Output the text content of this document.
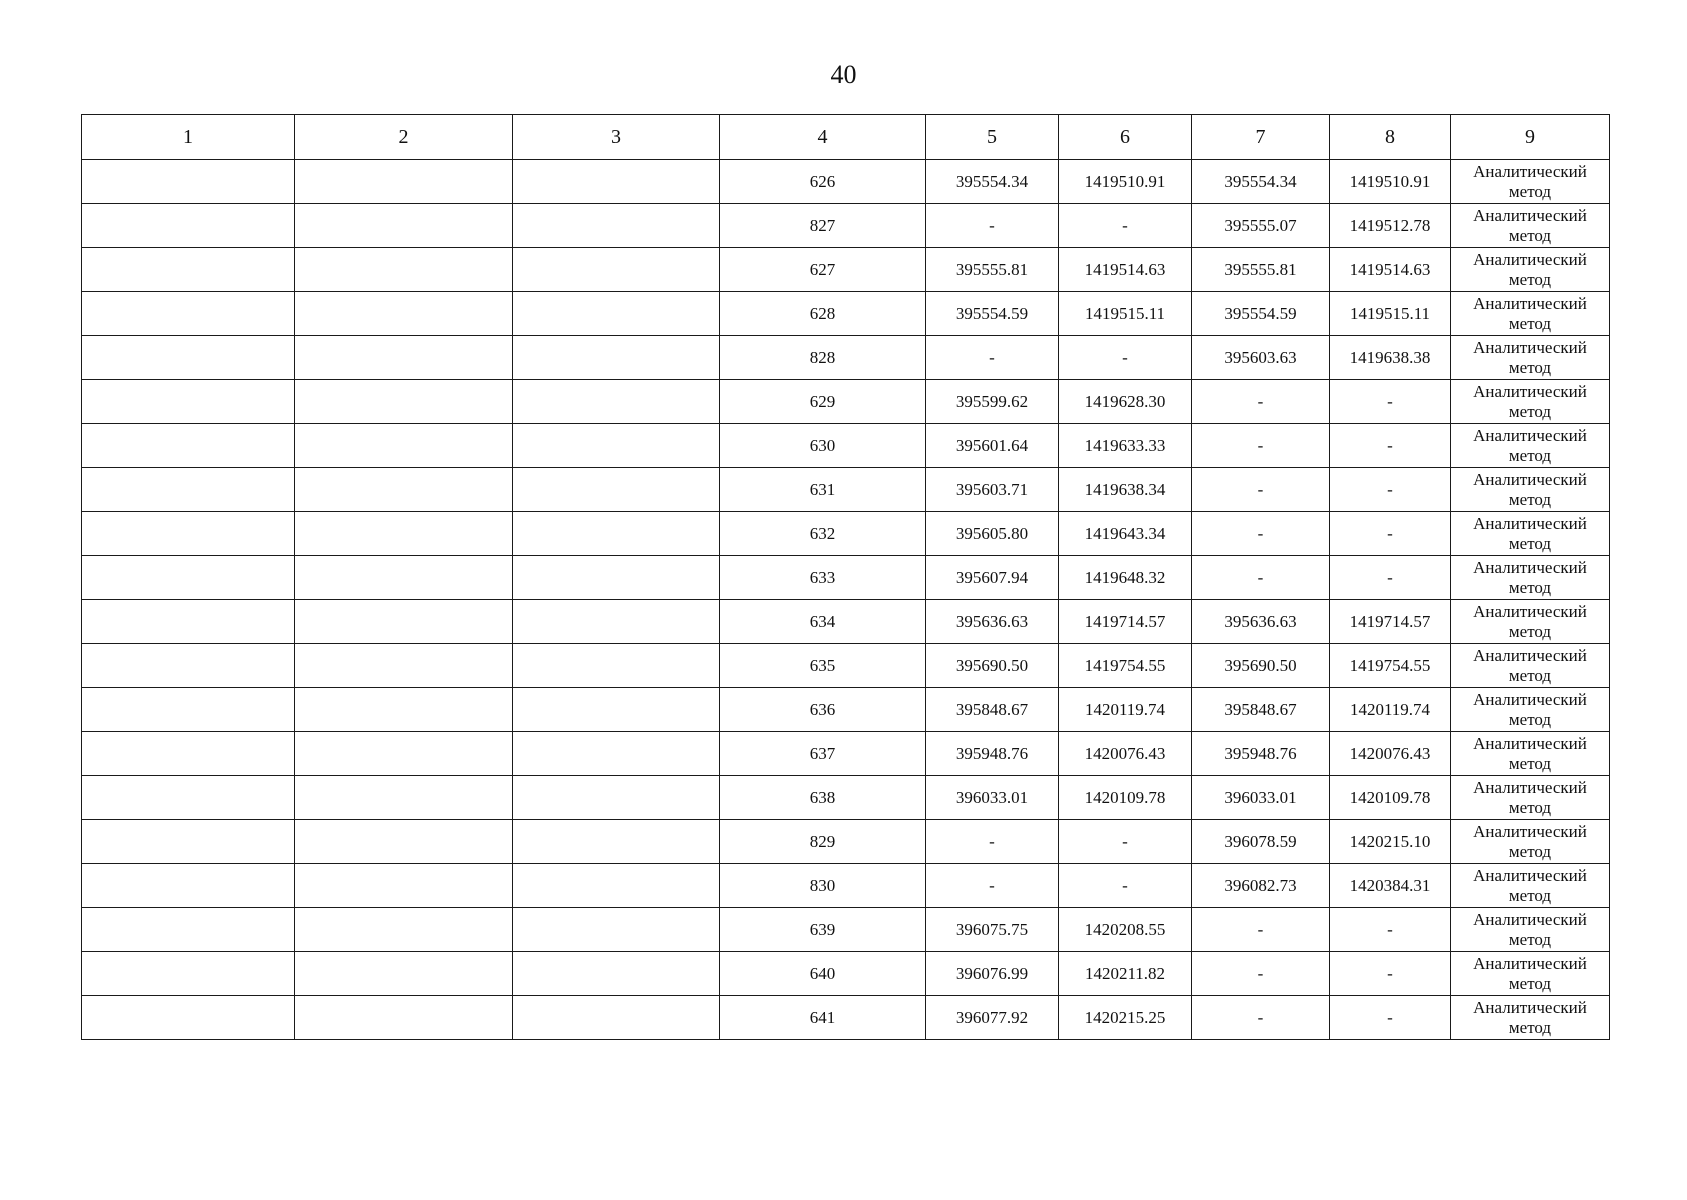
40
1	2	3	4	5	6	7	8	9
			626	395554.34	1419510.91	395554.34	1419510.91	Аналитический
метод

			827	-	-	395555.07	1419512.78	Аналитический
метод

			627	395555.81	1419514.63	395555.81	1419514.63	Аналитический
метод

			628	395554.59	1419515.11	395554.59	1419515.11	Аналитический
метод

			828	-	-	395603.63	1419638.38	Аналитический
метод

			629	395599.62	1419628.30	-	-	Аналитический
метод

			630	395601.64	1419633.33	-	-	Аналитический
метод

			631	395603.71	1419638.34	-	-	Аналитический
метод

			632	395605.80	1419643.34	-	-	Аналитический
метод

			633	395607.94	1419648.32	-	-	Аналитический
метод

			634	395636.63	1419714.57	395636.63	1419714.57	Аналитический
метод

			635	395690.50	1419754.55	395690.50	1419754.55	Аналитический
метод

			636	395848.67	1420119.74	395848.67	1420119.74	Аналитический
метод

			637	395948.76	1420076.43	395948.76	1420076.43	Аналитический
метод

			638	396033.01	1420109.78	396033.01	1420109.78	Аналитический
метод

			829	-	-	396078.59	1420215.10	Аналитический
метод

			830	-	-	396082.73	1420384.31	Аналитический
метод

			639	396075.75	1420208.55	-	-	Аналитический
метод

			640	396076.99	1420211.82	-	-	Аналитический
метод

			641	396077.92	1420215.25	-	-	Аналитический
метод
